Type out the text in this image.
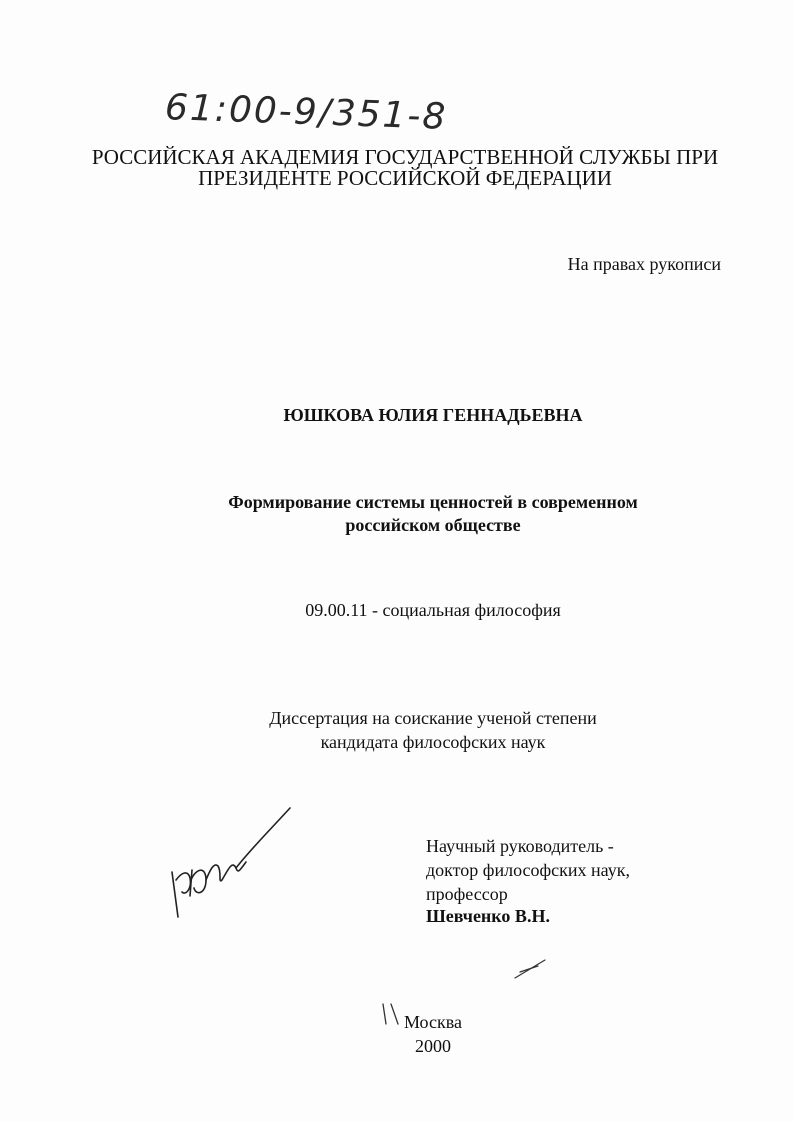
61:00-9/351-8
РОССИЙСКАЯ АКАДЕМИЯ ГОСУДАРСТВЕННОЙ СЛУЖБЫ ПРИ
ПРЕЗИДЕНТЕ РОССИЙСКОЙ ФЕДЕРАЦИИ
На правах рукописи
ЮШКОВА ЮЛИЯ ГЕННАДЬЕВНА
Формирование системы ценностей в современном
российском обществе
09.00.11 - социальная философия
Диссертация на соискание ученой степени
кандидата философских наук
Научный руководитель -
доктор философских наук,
профессор
Шевченко В.Н.
Москва
2000
